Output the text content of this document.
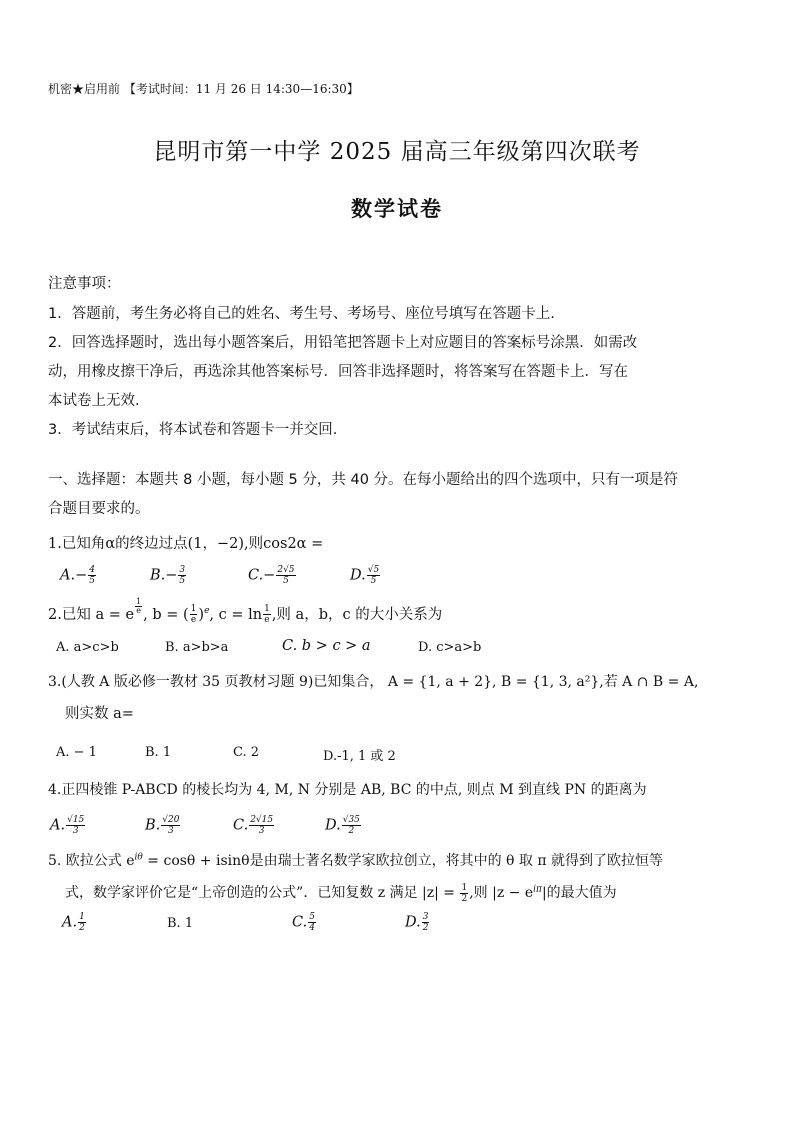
机密★启用前 【考试时间：11 月 26 日 14:30—16:30】
昆明市第一中学 2025 届高三年级第四次联考
数学试卷
注意事项：
1．答题前，考生务必将自己的姓名、考生号、考场号、座位号填写在答题卡上.
2．回答选择题时，选出每小题答案后，用铅笔把答题卡上对应题目的答案标号涂黑．如需改
动，用橡皮擦干净后，再选涂其他答案标号．回答非选择题时，将答案写在答题卡上．写在
本试卷上无效.
3．考试结束后，将本试卷和答题卡一并交回.
一、选择题：本题共 8 小题，每小题 5 分，共 40 分。在每小题给出的四个选项中，只有一项是符
合题目要求的。
1.已知角α的终边过点(1，−2),则cos2α =
$A.- \frac{4}{5}$	$B.- \frac{3}{5}$	$C.- \frac{2√5}{5}$	D. $\frac{√5}{5}$
2.已知 a = e $^{\frac{1}{e}}$ , b = ( $\frac{1}{e} )^e$, $c = \ln \frac{1}{e}$ ,则 a，b，c 的大小关系为
A. a>c>b	B. a>b>a	C. b > c > a	D. c>a>b
3.(人教 A 版必修一教材 35 页教材习题 9)已知集合， A = {1, a + 2}, B = {1, 3, a²},若 A ∩ B = A,
则实数 a=
A. − 1	B. 1	C. 2	D.-1, 1 或 2
4.正四棱锥 P-ABCD 的棱长均为 4, M, N 分别是 AB, BC 的中点, 则点 M 到直线 PN 的距离为
A. $\frac{√15}{3}$	B. $\frac{√20}{3}$	C. $\frac{2√15}{3}$	D. $\frac{√35}{2}$
5. 欧拉公式 $e^{i\theta} = \cos\theta + isin\theta$是由瑞士著名数学家欧拉创立，将其中的 θ 取 π 就得到了欧拉恒等
式，数学家评价它是“上帝创造的公式”．已知复数 z 满足 $|z| = \frac{1}{2}$ ,则 $|z - e^{i\pi}|$的最大值为
A. $\frac{1}{2}$	B. 1	C. $\frac{5}{4}$	D. $\frac{3}{2}$
